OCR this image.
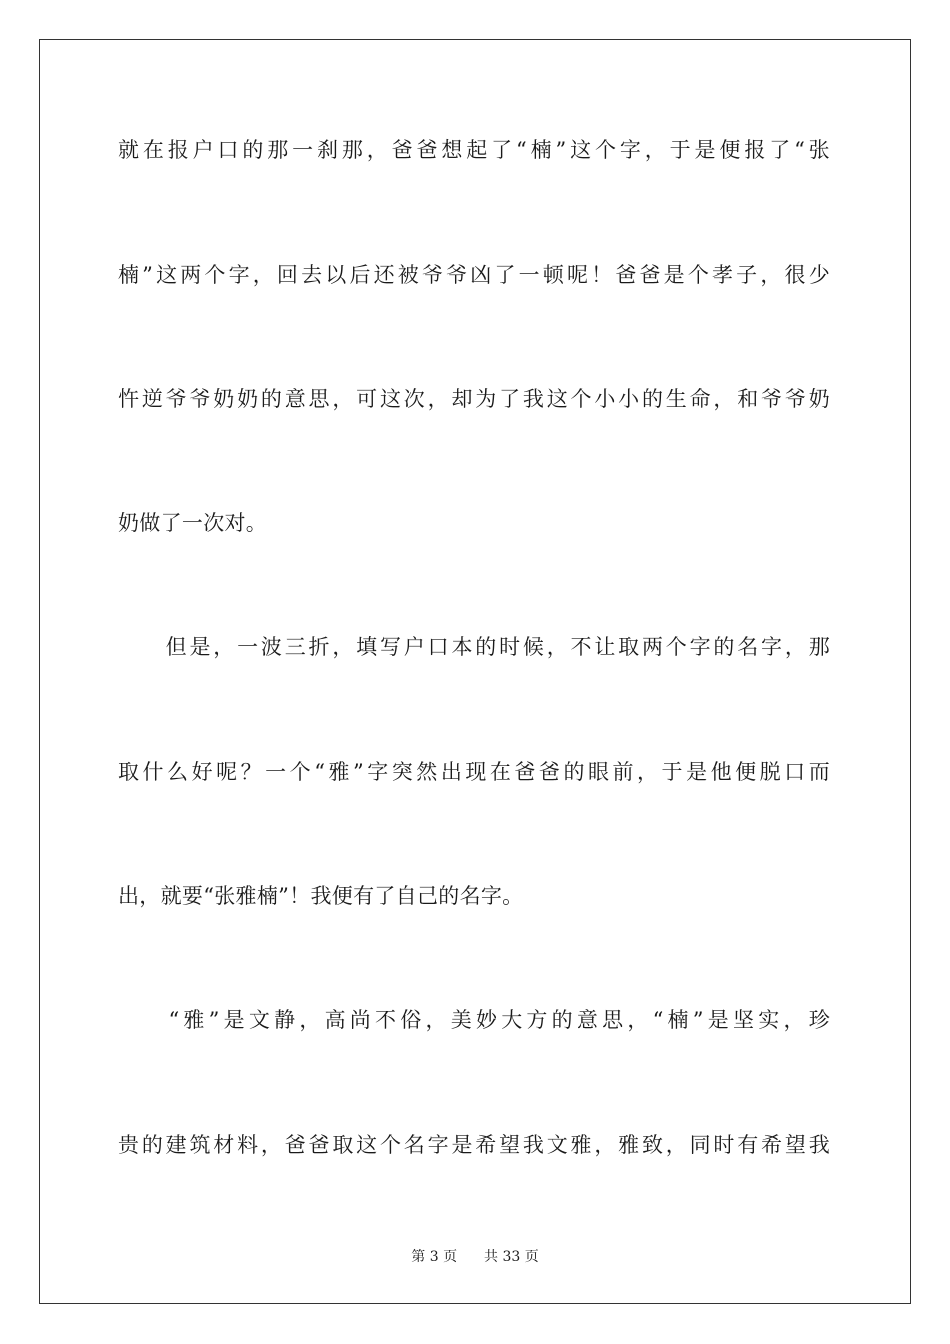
就在报户口的那一刹那，爸爸想起了“楠”这个字，于是便报了“张
楠”这两个字，回去以后还被爷爷凶了一顿呢！爸爸是个孝子，很少
忤逆爷爷奶奶的意思，可这次，却为了我这个小小的生命，和爷爷奶
奶做了一次对。
　　但是，一波三折，填写户口本的时候，不让取两个字的名字，那
取什么好呢？一个“雅”字突然出现在爸爸的眼前，于是他便脱口而
出，就要“张雅楠”！我便有了自己的名字。
　　“雅”是文静，高尚不俗，美妙大方的意思，“楠”是坚实，珍
贵的建筑材料，爸爸取这个名字是希望我文雅，雅致，同时有希望我
第 3 页 共 33 页
